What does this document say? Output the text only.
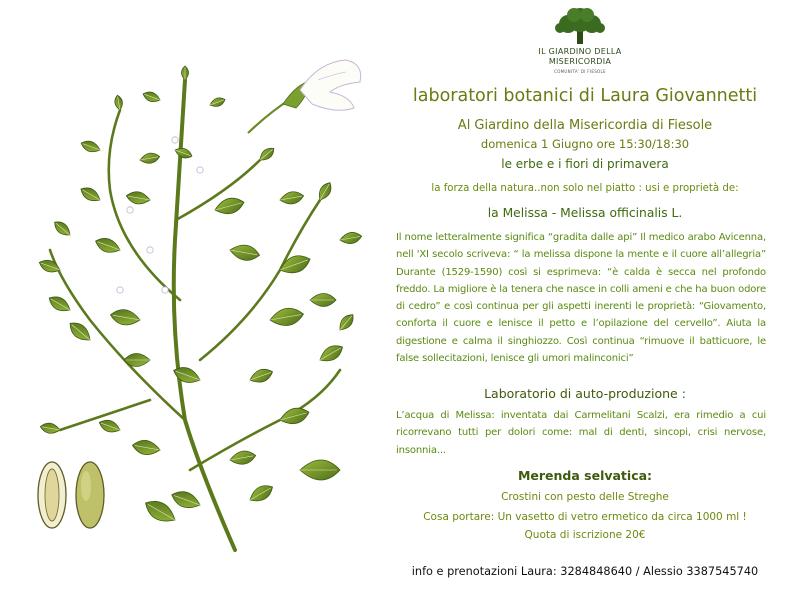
IL GIARDINO DELLA
MISERICORDIA
COMUNITA' DI FIESOLE
laboratori botanici di Laura Giovannetti
Al Giardino della Misericordia di Fiesole
domenica 1 Giugno ore 15:30/18:30
le erbe e i fiori di primavera
la forza della natura..non solo nel piatto : usi e proprietà de:
la Melissa - Melissa officinalis L.

Il nome letteralmente significa “gradita dalle api” Il medico arabo Avicenna, nell 'XI secolo scriveva: “ la melissa dispone la mente e il cuore all’allegria” Durante (1529-1590) così si esprimeva: “è calda è secca nel profondo freddo. La migliore è la tenera che nasce in colli ameni e che ha buon odore di cedro” e così continua per gli aspetti inerenti le proprietà: “Giovamento, conforta il cuore e lenisce il petto e l’opilazione del cervello”. Aiuta la digestione e calma il singhiozzo. Così continua “rimuove il batticuore, le false sollecitazioni, lenisce gli umori malinconici”

Laboratorio di auto-produzione :

L’acqua di Melissa: inventata dai Carmelitani Scalzi, era rimedio a cui ricorrevano tutti per dolori come: mal di denti, sincopi, crisi nervose, insonnia...

Merenda selvatica:
Crostini con pesto delle Streghe
Cosa portare: Un vasetto di vetro ermetico da circa 1000 ml !
Quota di iscrizione 20€
info e prenotazioni Laura: 3284848640 / Alessio 3387545740
